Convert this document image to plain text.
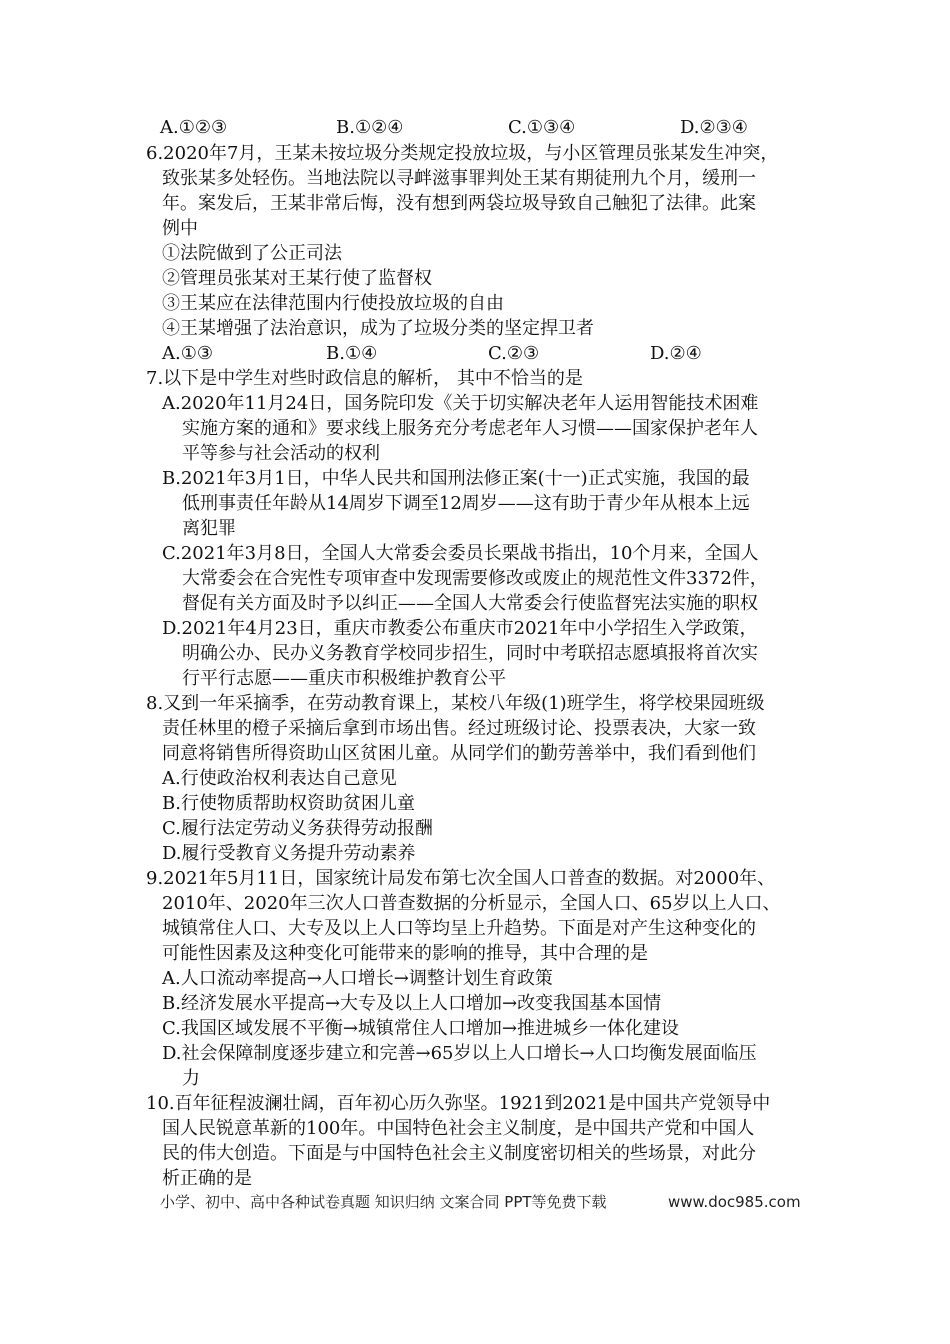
A.①②③	B.①②④	C.①③④	D.②③④
6.2020年7月，王某未按垃圾分类规定投放垃圾，与小区管理员张某发生冲突，
致张某多处轻伤。当地法院以寻衅滋事罪判处王某有期徒刑九个月，缓刑一
年。案发后，王某非常后悔，没有想到两袋垃圾导致自己触犯了法律。此案
例中
①法院做到了公正司法
②管理员张某对王某行使了监督权
③王某应在法律范围内行使投放垃圾的自由
④王某增强了法治意识，成为了垃圾分类的坚定捍卫者
A.①③	B.①④	C.②③	D.②④
7.以下是中学生对些时政信息的解析， 其中不恰当的是
A.2020年11月24日，国务院印发《关于切实解决老年人运用智能技术困难
实施方案的通和》要求线上服务充分考虑老年人习惯——国家保护老年人
平等参与社会活动的权利
B.2021年3月1日，中华人民共和国刑法修正案(十一)正式实施，我国的最
低刑事责任年龄从14周岁下调至12周岁——这有助于青少年从根本上远
离犯罪
C.2021年3月8日，全国人大常委会委员长栗战书指出，10个月来，全国人
大常委会在合宪性专项审查中发现需要修改或废止的规范性文件3372件，
督促有关方面及时予以纠正——全国人大常委会行使监督宪法实施的职权
D.2021年4月23日，重庆市教委公布重庆市2021年中小学招生入学政策，
明确公办、民办义务教育学校同步招生，同时中考联招志愿填报将首次实
行平行志愿——重庆市积极维护教育公平
8.又到一年采摘季，在劳动教育课上，某校八年级(1)班学生，将学校果园班级
责任林里的橙子采摘后拿到市场出售。经过班级讨论、投票表决，大家一致
同意将销售所得资助山区贫困儿童。从同学们的勤劳善举中，我们看到他们
A.行使政治权利表达自己意见
B.行使物质帮助权资助贫困儿童
C.履行法定劳动义务获得劳动报酬
D.履行受教育义务提升劳动素养
9.2021年5月11日，国家统计局发布第七次全国人口普查的数据。对2000年、
2010年、2020年三次人口普查数据的分析显示，全国人口、65岁以上人口、
城镇常住人口、大专及以上人口等均呈上升趋势。下面是对产生这种变化的
可能性因素及这种变化可能带来的影响的推导，其中合理的是
A.人口流动率提高→人口增长→调整计划生育政策
B.经济发展水平提高→大专及以上人口增加→改变我国基本国情
C.我国区域发展不平衡→城镇常住人口增加→推进城乡一体化建设
D.社会保障制度逐步建立和完善→65岁以上人口增长→人口均衡发展面临压
力
10.百年征程波澜壮阔，百年初心历久弥坚。1921到2021是中国共产党领导中
国人民锐意革新的100年。中国特色社会主义制度，是中国共产党和中国人
民的伟大创造。下面是与中国特色社会主义制度密切相关的些场景，对此分
析正确的是
小学、初中、高中各种试卷真题 知识归纳 文案合同 PPT等免费下载	www.doc985.com
